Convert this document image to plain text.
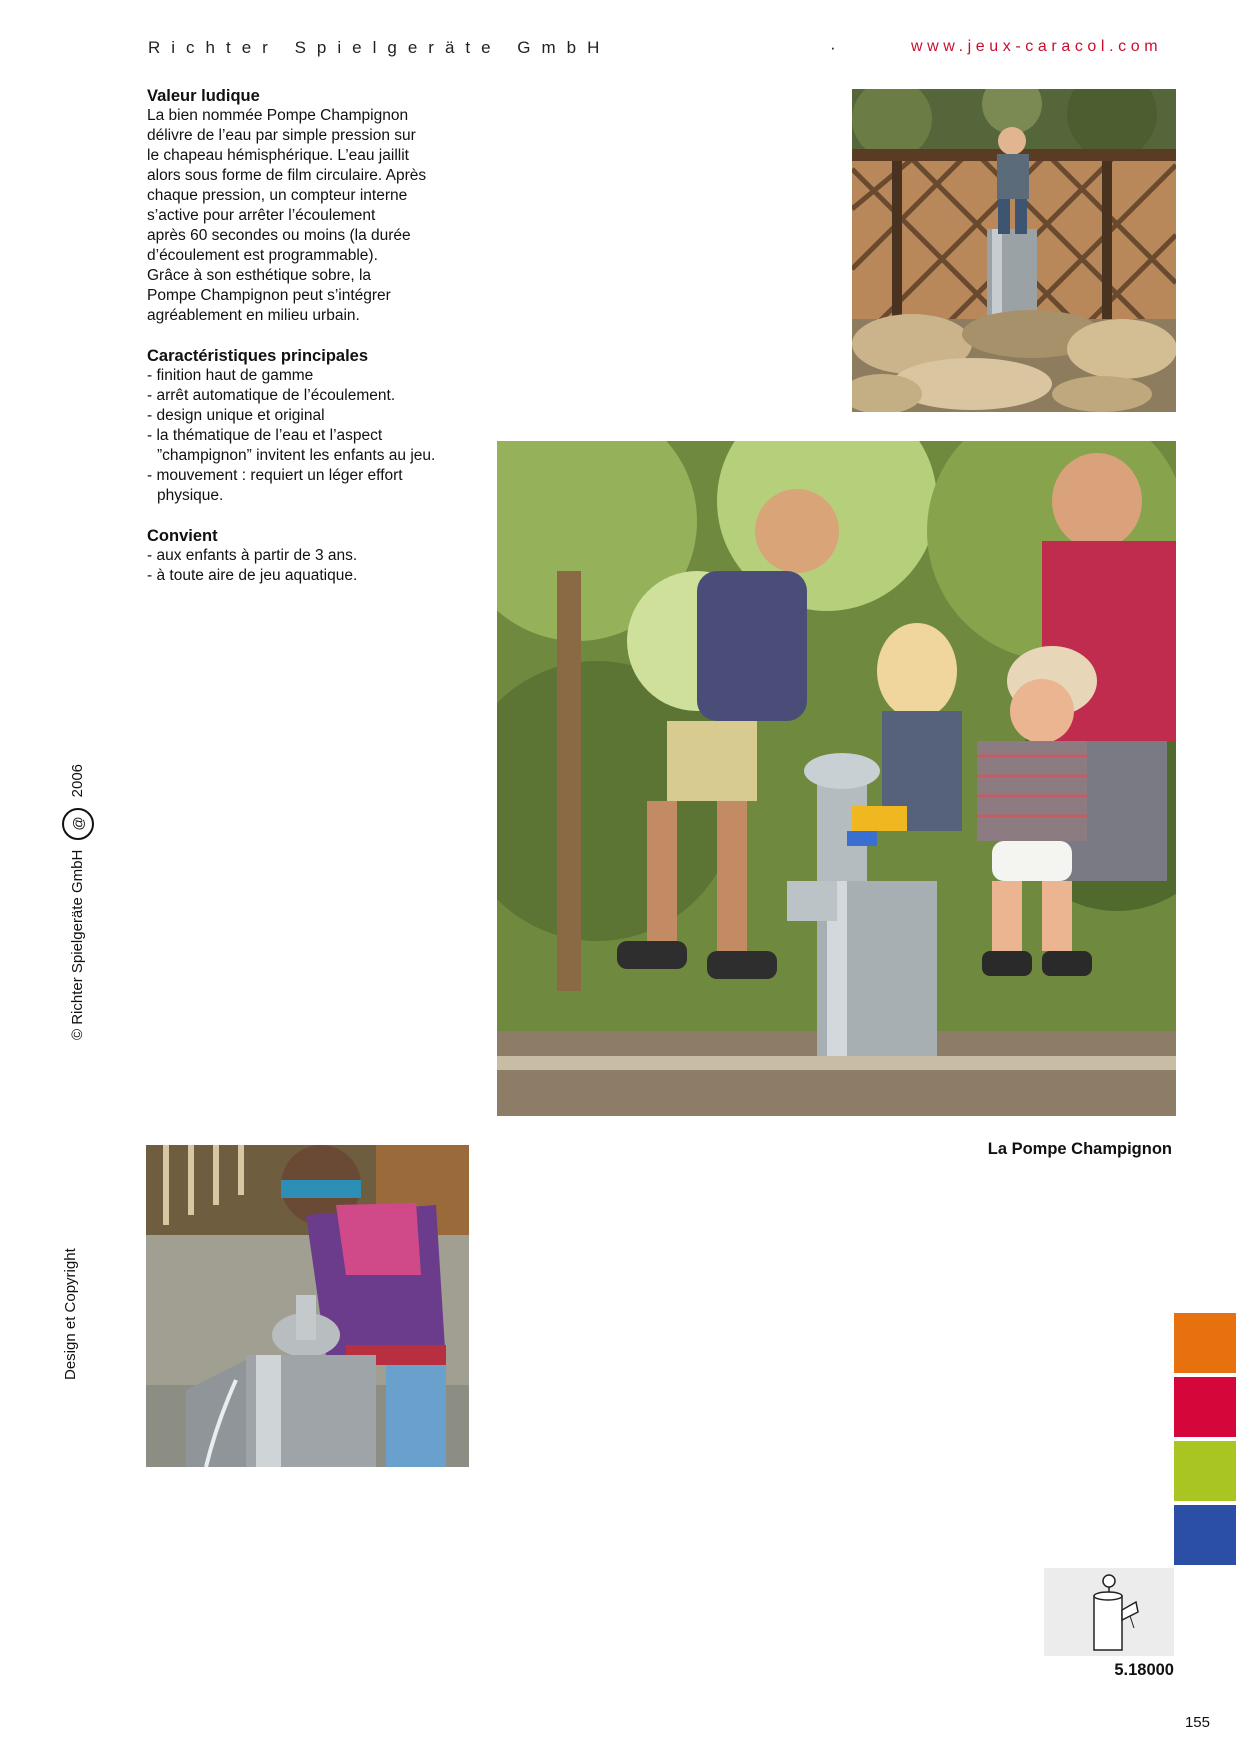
Richter Spielgeräte GmbH	·	www.jeux-caracol.com

Valeur ludique

La bien nommée Pompe Champignon

délivre de l’eau par simple pression sur

le chapeau hémisphérique. L’eau jaillit

alors sous forme de film circulaire. Après

chaque pression, un compteur interne

s’active pour arrêter l’écoulement

après 60 secondes ou moins (la durée

d’écoulement est programmable).

Grâce à son esthétique sobre, la

Pompe Champignon peut s’intégrer

agréablement en milieu urbain.

Caractéristiques principales

- finition haut de gamme
- arrêt automatique de l’écoulement.
- design unique et original
- la thématique de l’eau et l’aspect ”champignon” invitent les enfants au jeu.
- mouvement : requiert un léger effort physique.

Convient

- aux enfants à partir de 3 ans.
- à toute aire de jeu aquatique.
La Pompe Champignon
© Richter Spielgeräte GmbH @ 2006
Design et Copyright
5.18000
155
